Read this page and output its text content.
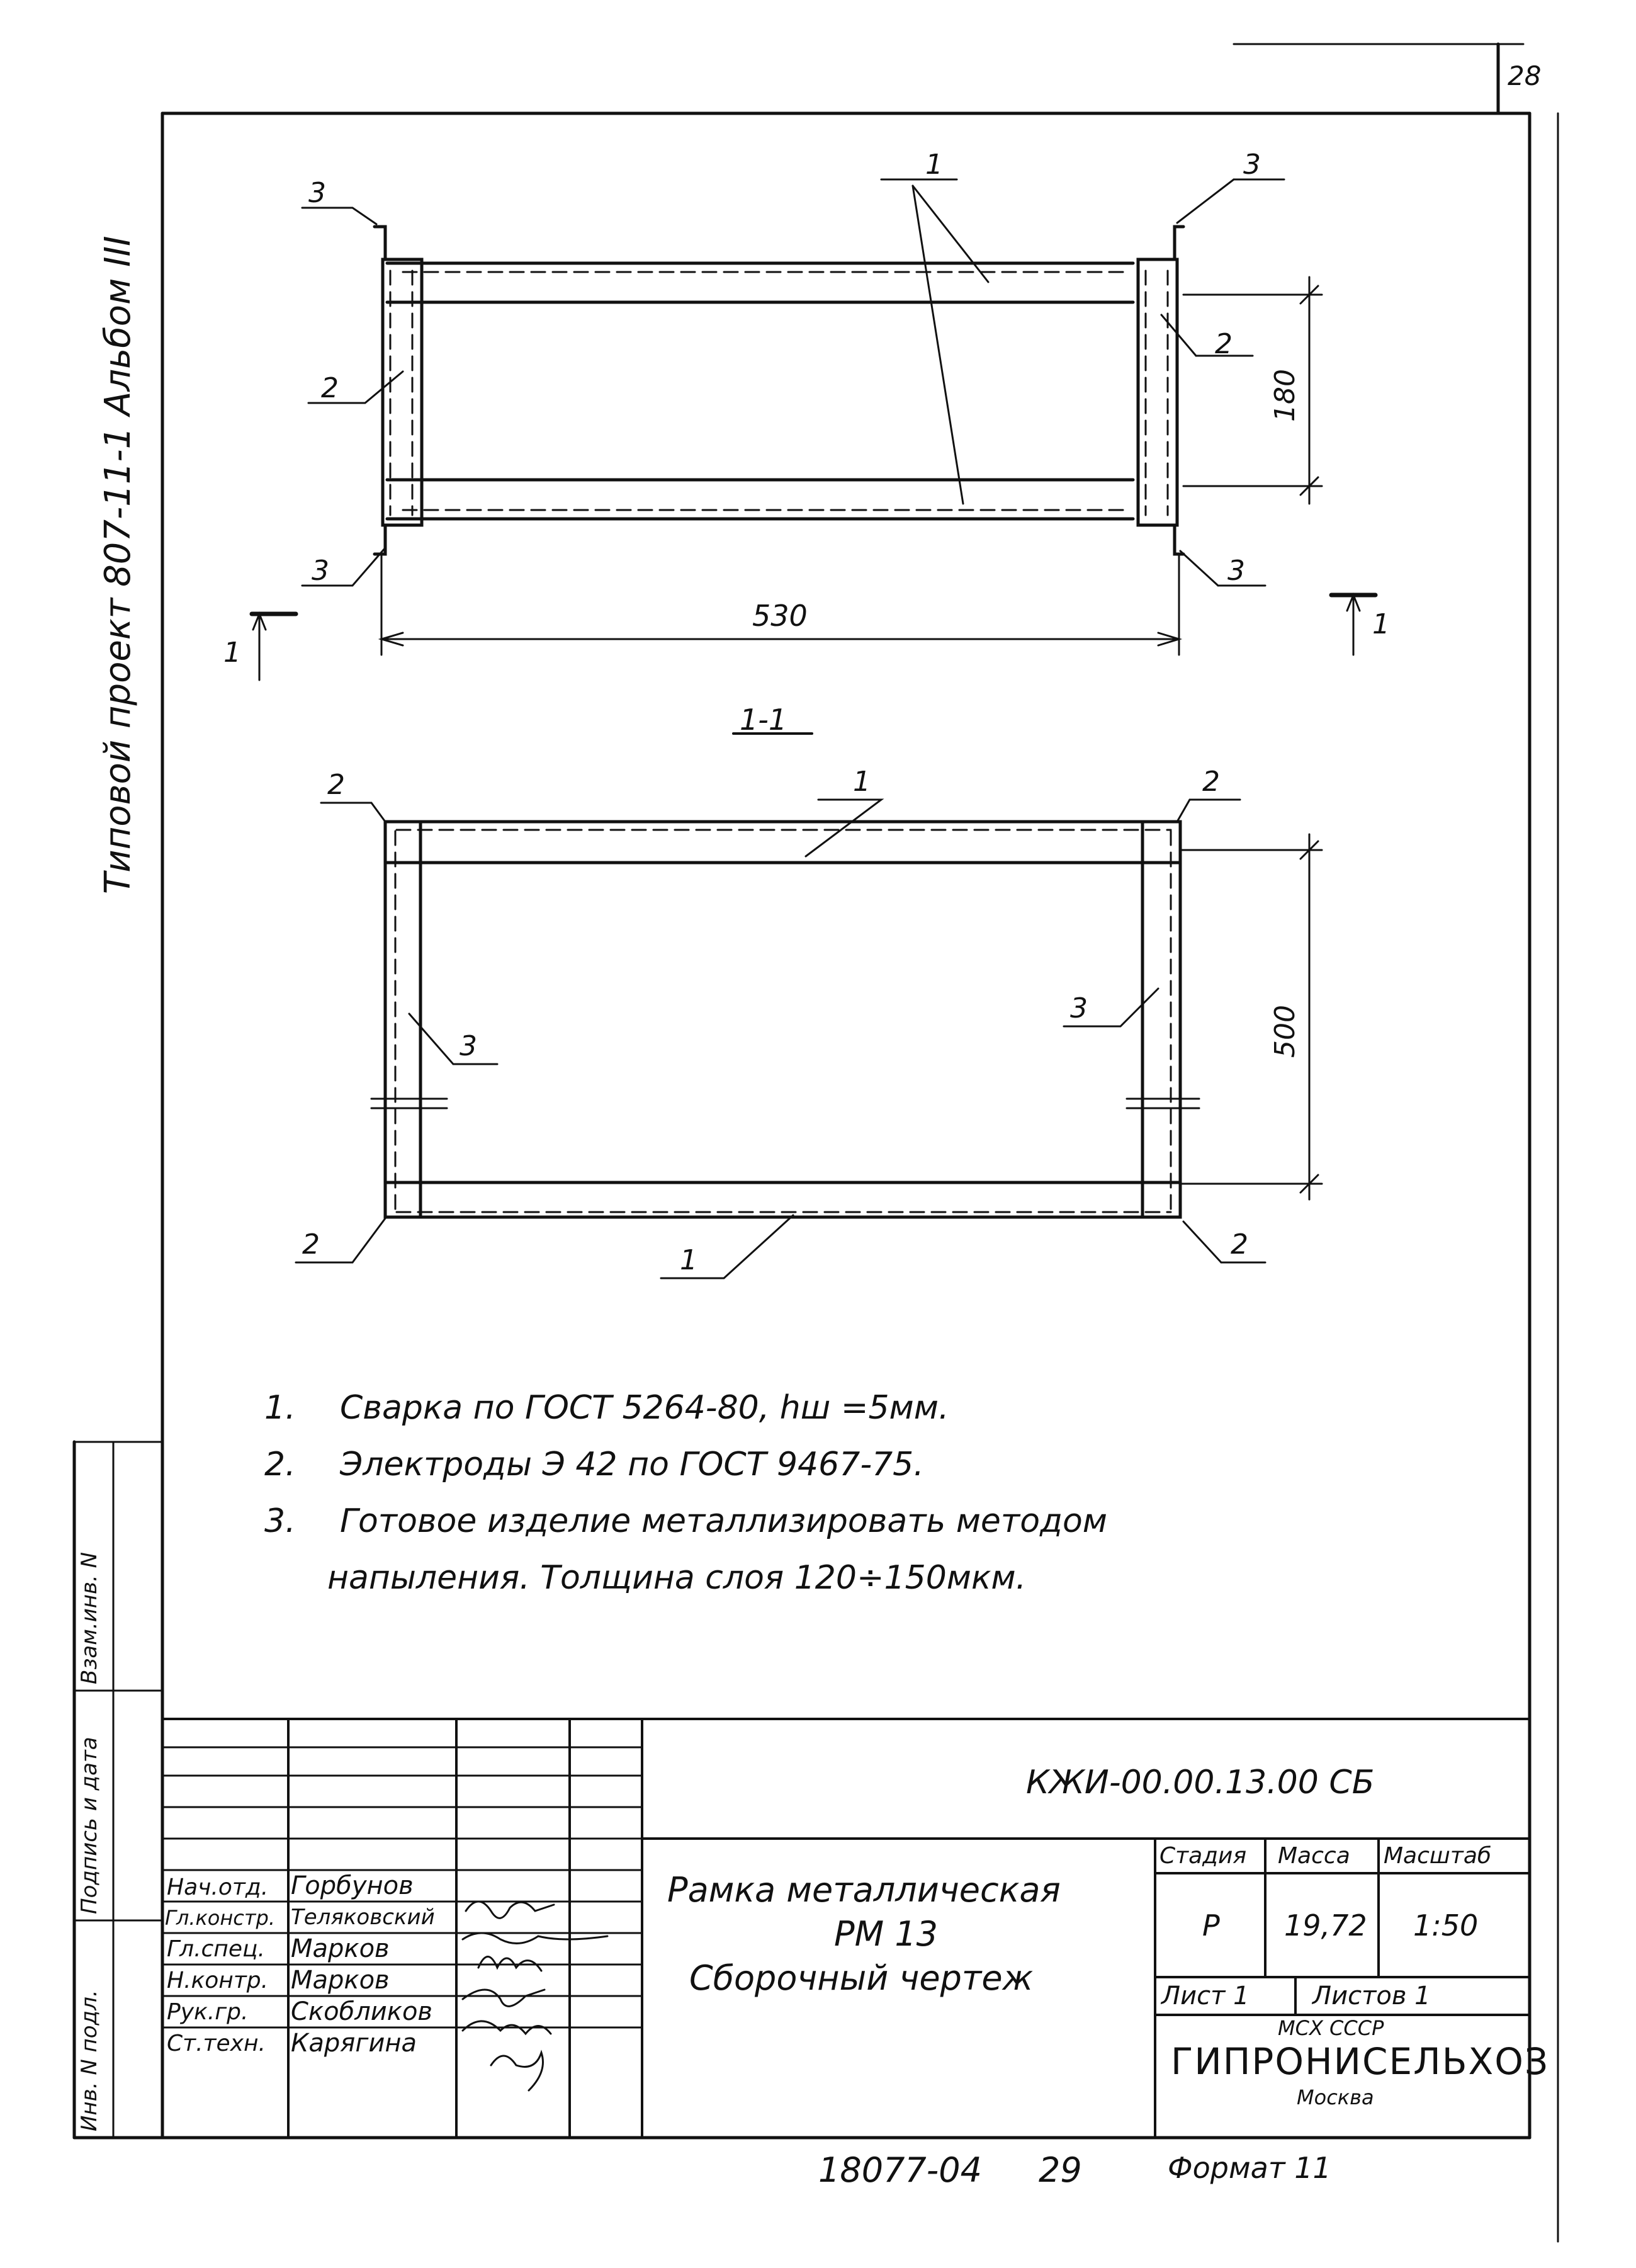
28
Типовой проект 807-11-1 Альбом III
3
1	3
2
2
3	3
530
180
1
1
1-1
2	1	2
3
3
2	1	2
500
1. Сварка по ГОСТ 5264-80, hш =5мм.
2. Электроды Э 42 по ГОСТ 9467-75.
3. Готовое изделие металлизировать методом
напыления. Толщина слоя 120÷150мкм.
Инв. N подл.
Подпись и дата
Взам.инв. N
КЖИ-00.00.13.00 СБ
Рамка металлическая
РМ 13
Сборочный чертеж
Стадия Масса Масштаб
Р 19,72 1:50
Лист 1	Листов 1
МСХ СССР
ГИПРОНИСЕЛЬХОЗ
Москва
Нач.отд. Горбунов
Гл.констр. Теляковский
Гл.спец. Марков
Н.контр. Марков
Рук.гр. Скобликов
Ст.техн. Карягина
18077-04 29	Формат 11
